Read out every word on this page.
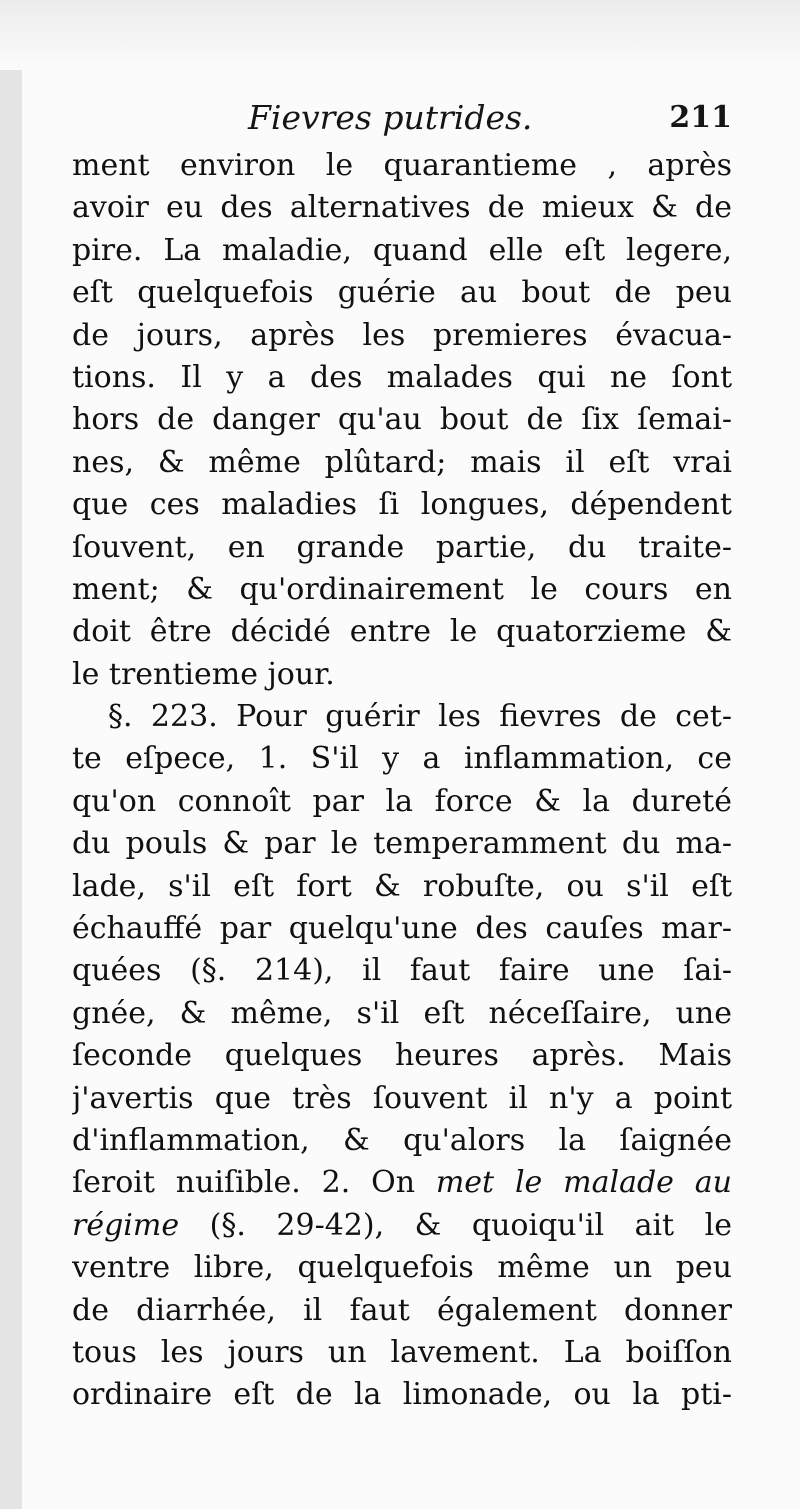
Fievres putrides.	211
ment environ le quarantieme , après
avoir eu des alternatives de mieux & de
pire. La maladie, quand elle eſt legere,
eſt quelquefois guérie au bout de peu
de jours, après les premieres évacua-
tions. Il y a des malades qui ne ſont
hors de danger qu'au bout de ſix ſemai-
nes, & même plûtard; mais il eſt vrai
que ces maladies ſi longues, dépendent
ſouvent, en grande partie, du traite-
ment; & qu'ordinairement le cours en
doit être décidé entre le quatorzieme &
le trentieme jour.
§. 223. Pour guérir les fievres de cet-
te eſpece, 1. S'il y a inflammation, ce
qu'on connoît par la force & la dureté
du pouls & par le temperamment du ma-
lade, s'il eſt fort & robuſte, ou s'il eſt
échauffé par quelqu'une des cauſes mar-
quées (§. 214), il faut faire une ſai-
gnée, & même, s'il eſt néceſſaire, une
ſeconde quelques heures après. Mais
j'avertis que très ſouvent il n'y a point
d'inflammation, & qu'alors la ſaignée
ſeroit nuiſible. 2. On met le malade au
régime (§. 29-42), & quoiqu'il ait le
ventre libre, quelquefois même un peu
de diarrhée, il faut également donner
tous les jours un lavement. La boiſſon
ordinaire eſt de la limonade, ou la pti-
